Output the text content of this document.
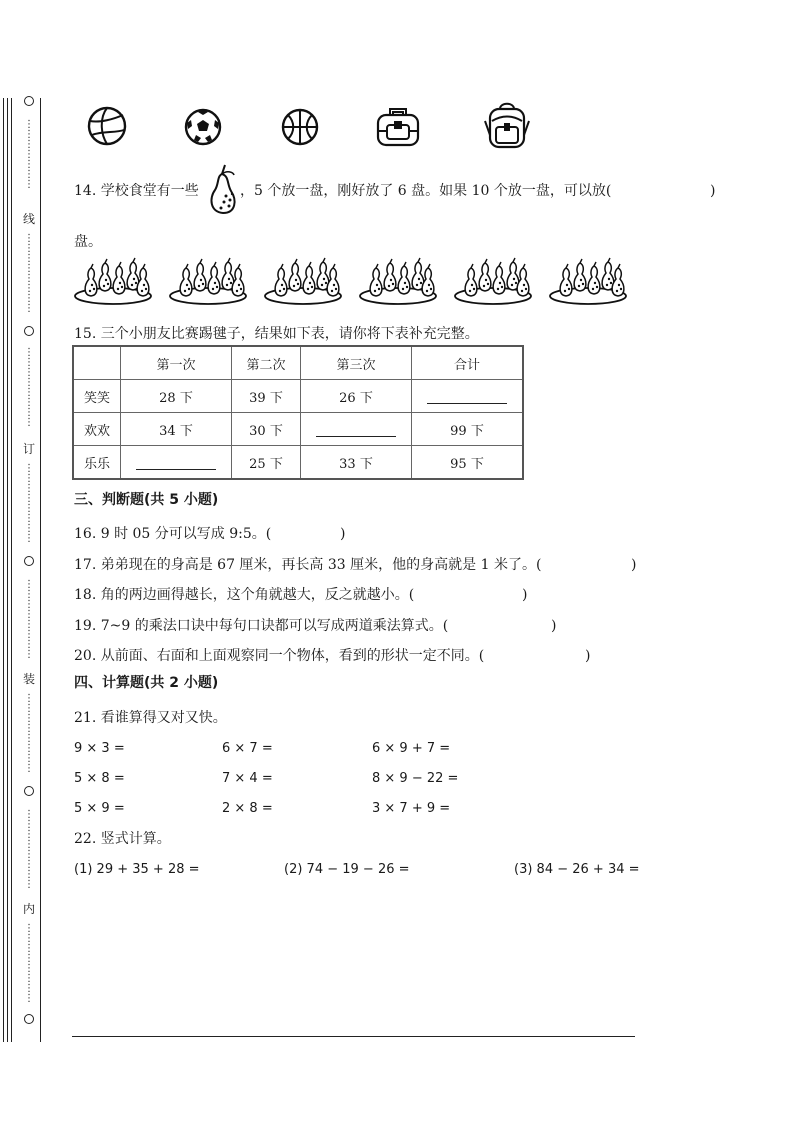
⋮
⋮
⋮
⋮
⋮
⋮
⋮
线
⋮
⋮
⋮
⋮
⋮
⋮
⋮
⋮
⋮
⋮
⋮
⋮
⋮
⋮
⋮
⋮
订
⋮
⋮
⋮
⋮
⋮
⋮
⋮
⋮
⋮
⋮
⋮
⋮
⋮
⋮
⋮
⋮
装
⋮
⋮
⋮
⋮
⋮
⋮
⋮
⋮
⋮
⋮
⋮
⋮
⋮
⋮
⋮
⋮
内
⋮
⋮
⋮
⋮
⋮
⋮
⋮
⋮
14. 学校食堂有一些	，5 个放一盘，刚好放了 6 盘。如果 10 个放一盘，可以放(	)
盘。
15. 三个小朋友比赛踢毽子，结果如下表，请你将下表补充完整。
	第一次	第二次	第三次	合计
笑笑	28 下	39 下	26 下	
欢欢	34 下	30 下		99 下
乐乐		25 下	33 下	95 下
三、判断题(共 5 小题)
16. 9 时 05 分可以写成 9:5。(	)
17. 弟弟现在的身高是 67 厘米，再长高 33 厘米，他的身高就是 1 米了。(	)
18. 角的两边画得越长，这个角就越大，反之就越小。(	)
19. 7~9 的乘法口诀中每句口诀都可以写成两道乘法算式。(	)
20. 从前面、右面和上面观察同一个物体，看到的形状一定不同。(	)
四、计算题(共 2 小题)
21. 看谁算得又对又快。
9 × 3 =	6 × 7 =	6 × 9 + 7 =
5 × 8 =	7 × 4 =	8 × 9 − 22 =
5 × 9 =	2 × 8 =	3 × 7 + 9 =
22. 竖式计算。
(1) 29 + 35 + 28 =	(2) 74 − 19 − 26 =	(3) 84 − 26 + 34 =
